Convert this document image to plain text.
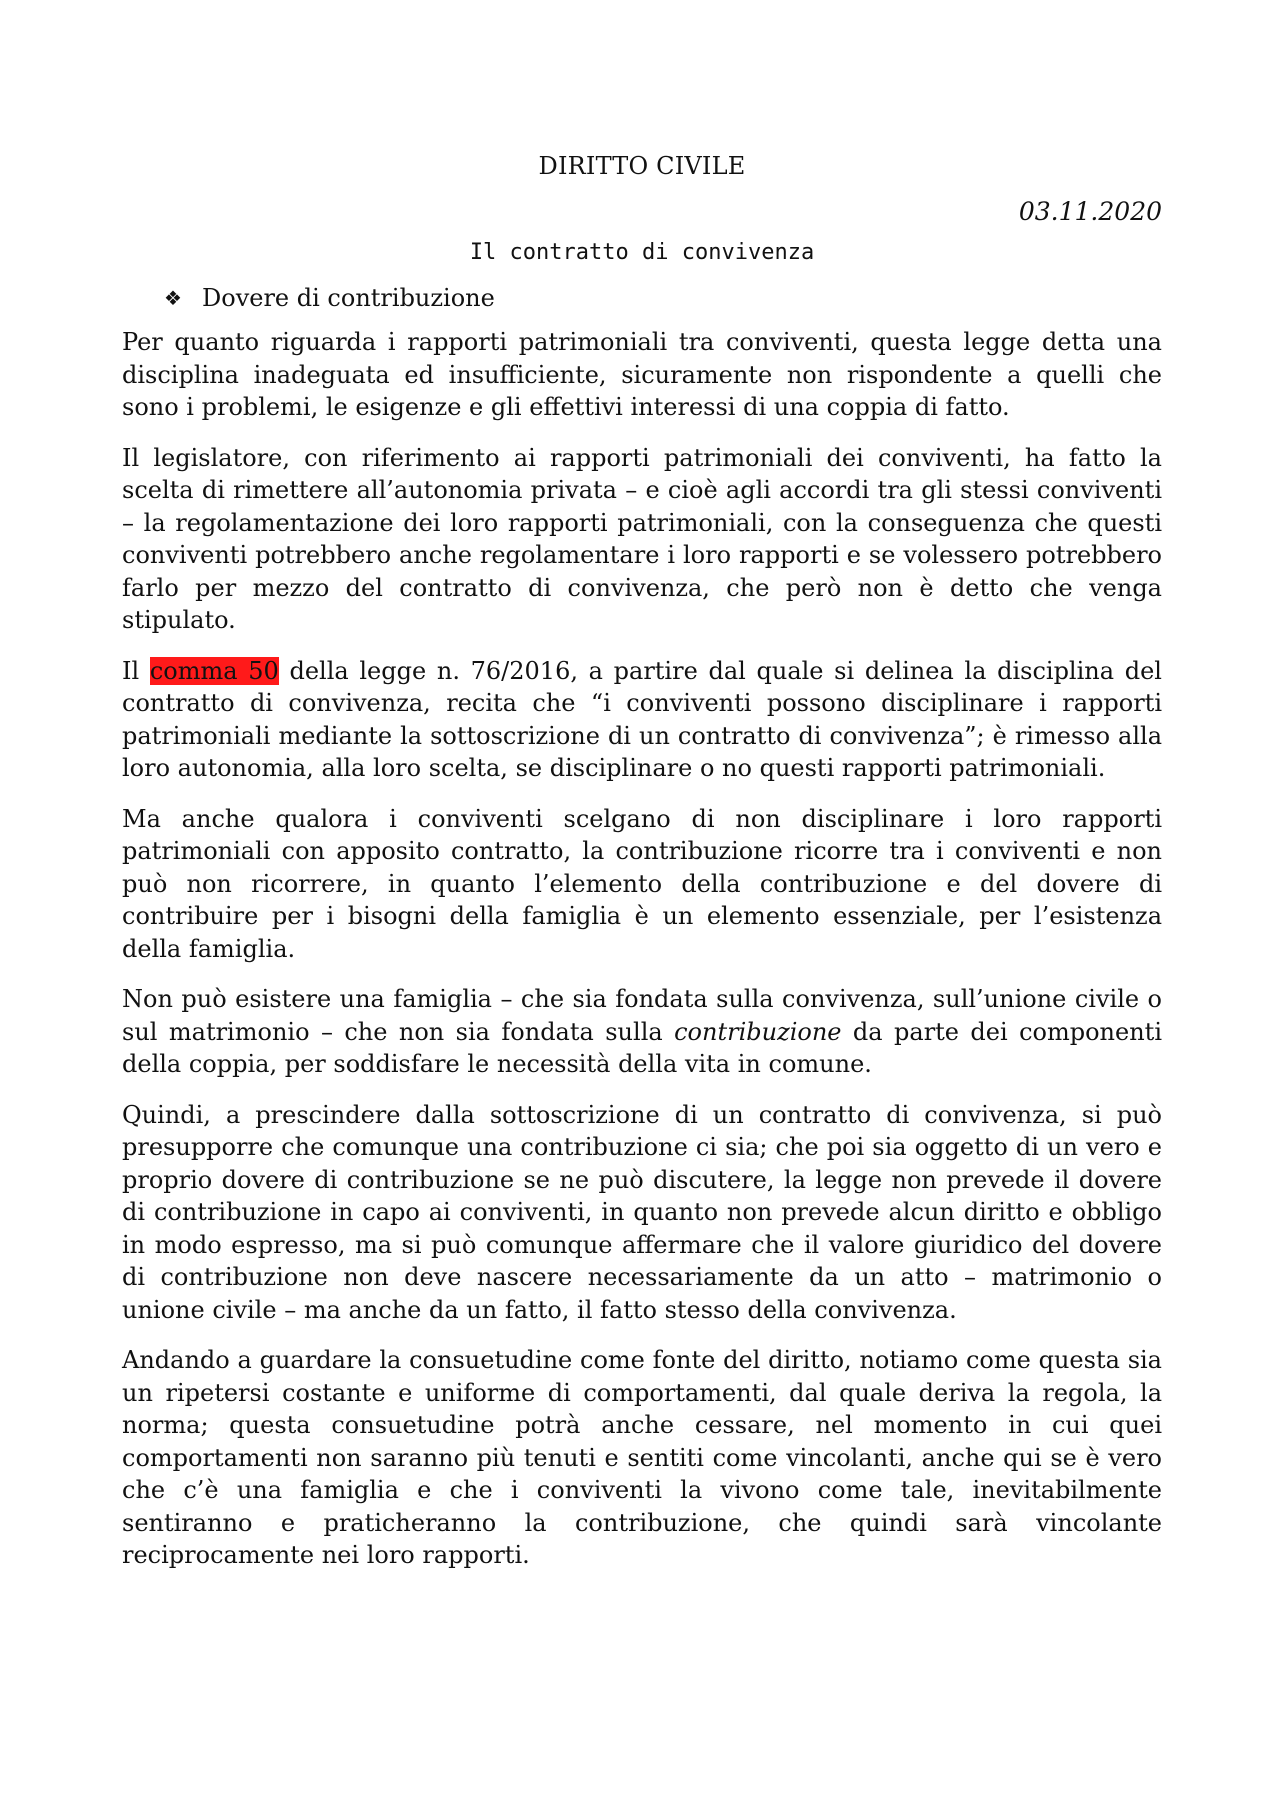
DIRITTO CIVILE
03.11.2020
Il contratto di convivenza
❖ Dovere di contribuzione

Per quanto riguarda i rapporti patrimoniali tra conviventi, questa legge detta una disciplina inadeguata ed insufficiente, sicuramente non rispondente a quelli che sono i problemi, le esigenze e gli effettivi interessi di una coppia di fatto.

Il legislatore, con riferimento ai rapporti patrimoniali dei conviventi, ha fatto la scelta di rimettere all’autonomia privata – e cioè agli accordi tra gli stessi conviventi – la regolamentazione dei loro rapporti patrimoniali, con la conseguenza che questi conviventi potrebbero anche regolamentare i loro rapporti e se volessero potrebbero farlo per mezzo del contratto di convivenza, che però non è detto che venga stipulato.

Il comma 50 della legge n. 76/2016, a partire dal quale si delinea la disciplina del contratto di convivenza, recita che “i conviventi possono disciplinare i rapporti patrimoniali mediante la sottoscrizione di un contratto di convivenza”; è rimesso alla loro autonomia, alla loro scelta, se disciplinare o no questi rapporti patrimoniali.

Ma anche qualora i conviventi scelgano di non disciplinare i loro rapporti patrimoniali con apposito contratto, la contribuzione ricorre tra i conviventi e non può non ricorrere, in quanto l’elemento della contribuzione e del dovere di contribuire per i bisogni della famiglia è un elemento essenziale, per l’esistenza della famiglia.

Non può esistere una famiglia – che sia fondata sulla convivenza, sull’unione civile o sul matrimonio – che non sia fondata sulla contribuzione da parte dei componenti della coppia, per soddisfare le necessità della vita in comune.

Quindi, a prescindere dalla sottoscrizione di un contratto di convivenza, si può presupporre che comunque una contribuzione ci sia; che poi sia oggetto di un vero e proprio dovere di contribuzione se ne può discutere, la legge non prevede il dovere di contribuzione in capo ai conviventi, in quanto non prevede alcun diritto e obbligo in modo espresso, ma si può comunque affermare che il valore giuridico del dovere di contribuzione non deve nascere necessariamente da un atto – matrimonio o unione civile – ma anche da un fatto, il fatto stesso della convivenza.

Andando a guardare la consuetudine come fonte del diritto, notiamo come questa sia un ripetersi costante e uniforme di comportamenti, dal quale deriva la regola, la norma; questa consuetudine potrà anche cessare, nel momento in cui quei comportamenti non saranno più tenuti e sentiti come vincolanti, anche qui se è vero che c’è una famiglia e che i conviventi la vivono come tale, inevitabilmente sentiranno e praticheranno la contribuzione, che quindi sarà vincolante reciprocamente nei loro rapporti.
